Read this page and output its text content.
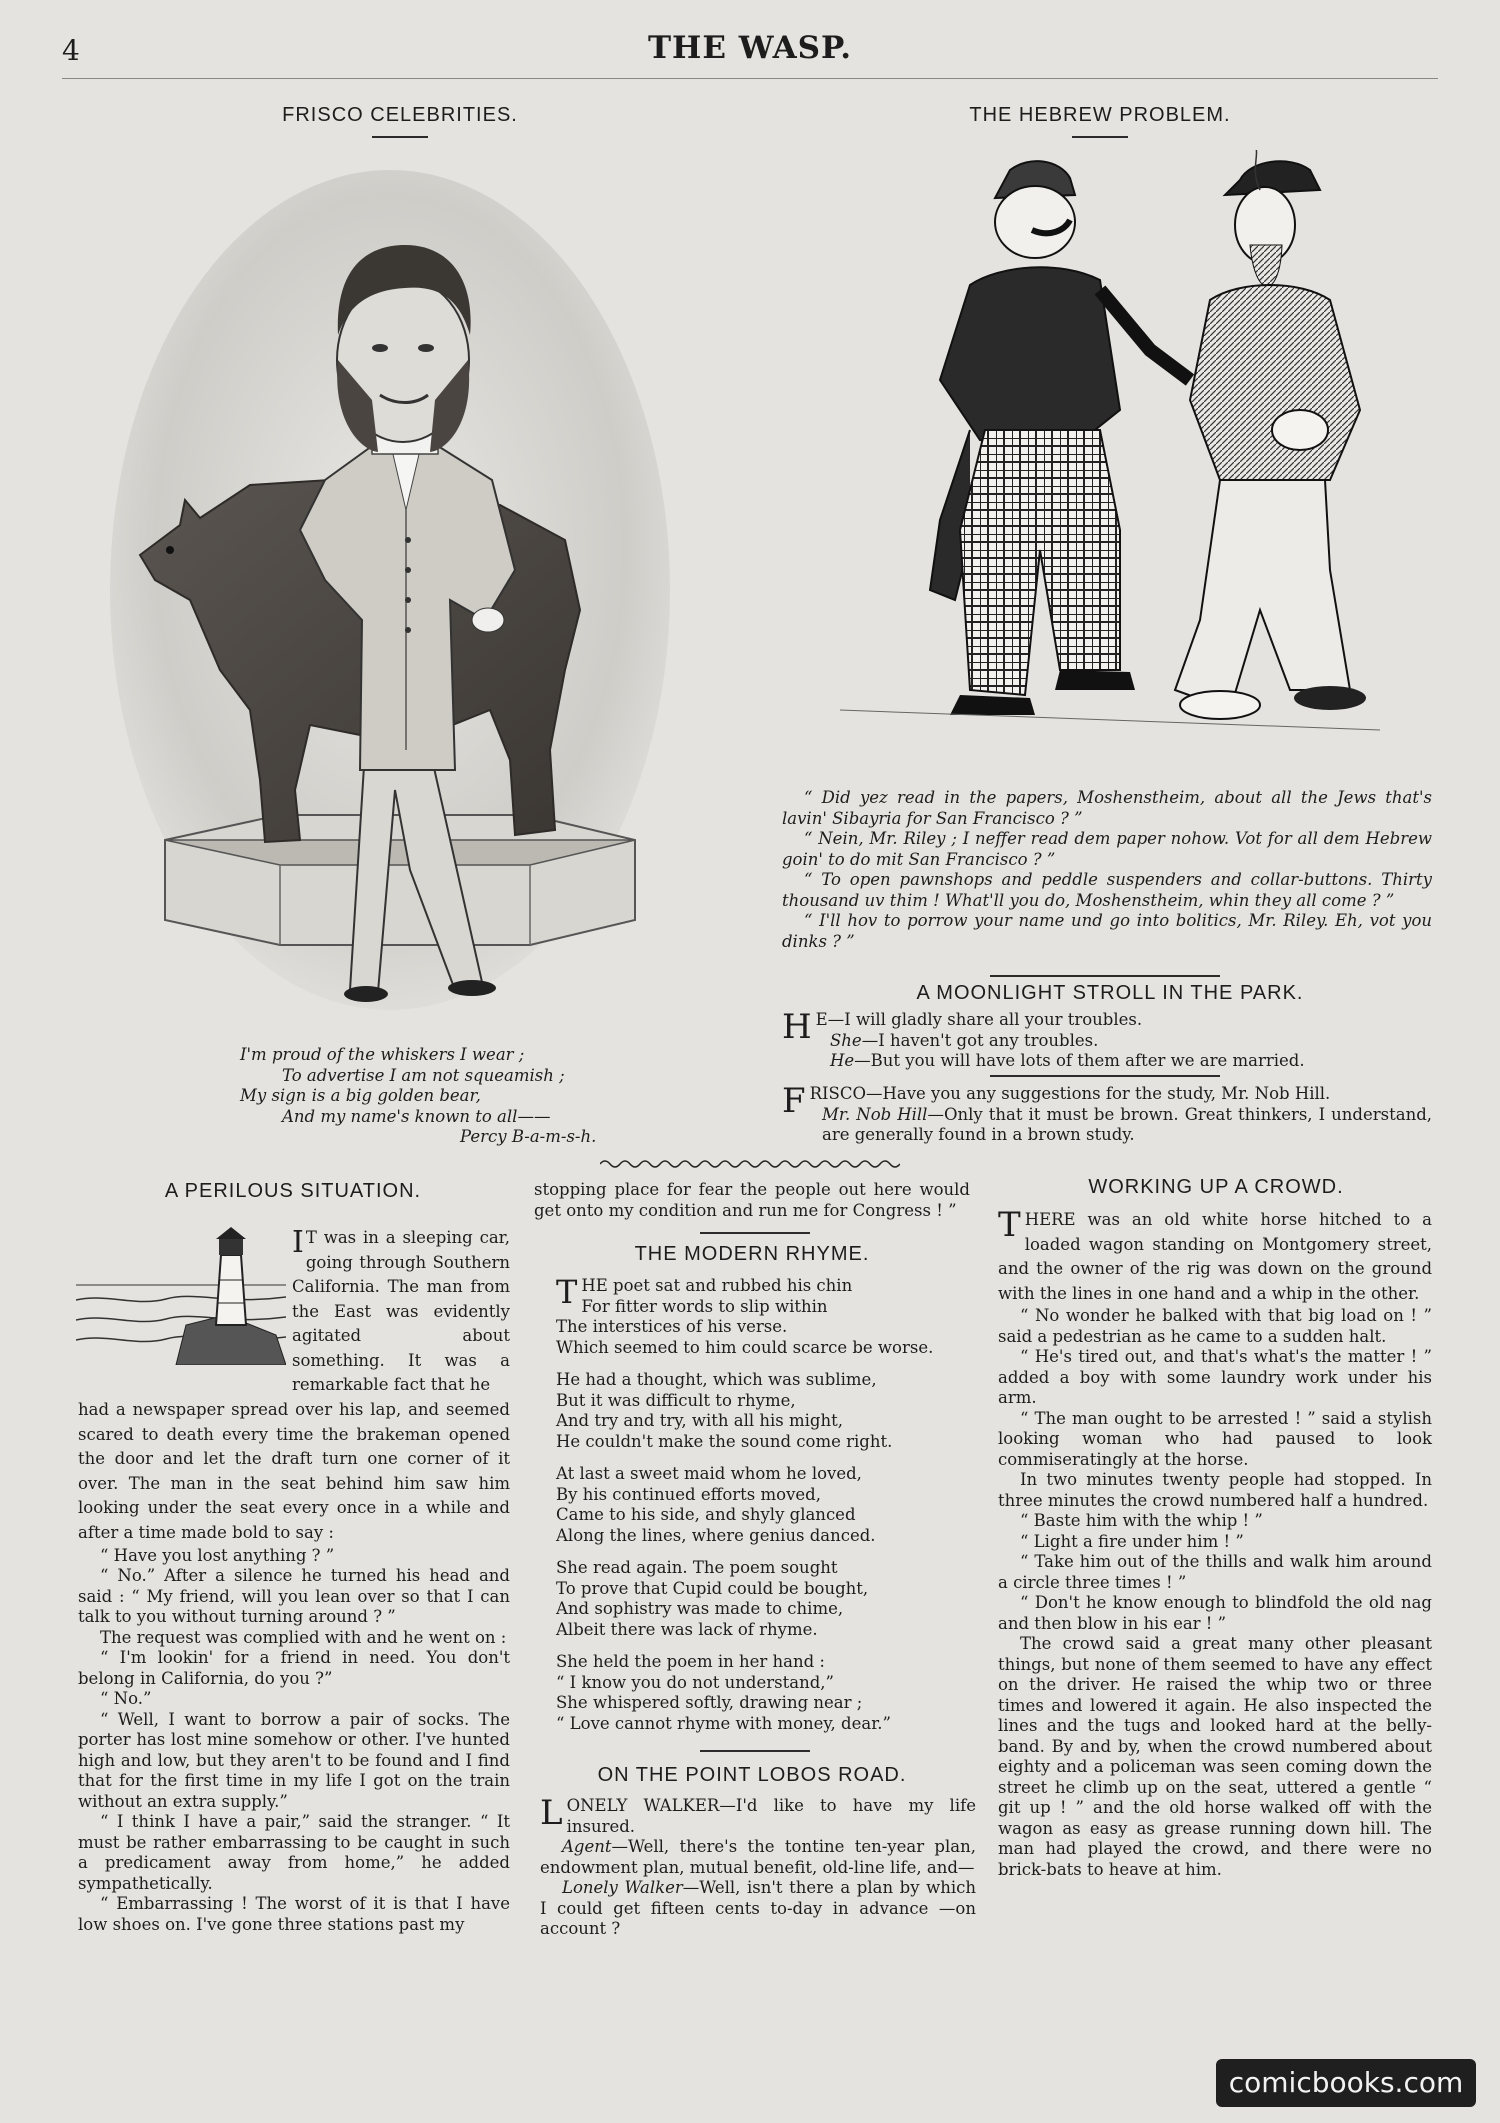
4	THE WASP.
FRISCO CELEBRITIES.
I'm proud of the whiskers I wear ;
To advertise I am not squeamish ;
My sign is a big golden bear,
And my name's known to all——
Percy B-a-m-s-h.
THE HEBREW PROBLEM.

“ Did yez read in the papers, Moshenstheim, about all the Jews that's lavin' Sibayria for San Francisco ? ”

“ Nein, Mr. Riley ; I neffer read dem paper nohow. Vot for all dem Hebrew goin' to do mit San Francisco ? ”

“ To open pawnshops and peddle suspenders and collar-buttons. Thirty thousand uv thim ! What'll you do, Moshenstheim, whin they all come ? ”

“ I'll hov to porrow your name und go into bolitics, Mr. Riley. Eh, vot you dinks ? ”

A MOONLIGHT STROLL IN THE PARK.

H E—I will gladly share all your troubles.

She—I haven't got any troubles.

He—But you will have lots of them after we are married.

FRISCO—Have you any suggestions for the study, Mr. Nob Hill.

Mr. Nob Hill—Only that it must be brown. Great thinkers, I understand, are generally found in a brown study.

A PERILOUS SITUATION.
I T was in a sleeping car, going through Southern California. The man from the East was evidently agitated about something. It was a remarkable fact that he

had a newspaper spread over his lap, and seemed scared to death every time the brakeman opened the door and let the draft turn one corner of it over. The man in the seat behind him saw him looking under the seat every once in a while and after a time made bold to say :

“ Have you lost anything ? ”

“ No.” After a silence he turned his head and said : “ My friend, will you lean over so that I can talk to you without turning around ? ”

The request was complied with and he went on :

“ I'm lookin' for a friend in need. You don't belong in California, do you ?”

“ No.”

“ Well, I want to borrow a pair of socks. The porter has lost mine somehow or other. I've hunted high and low, but they aren't to be found and I find that for the first time in my life I got on the train without an extra supply.”

“ I think I have a pair,” said the stranger. “ It must be rather embarrassing to be caught in such a predicament away from home,” he added sympathetically.

“ Embarrassing ! The worst of it is that I have low shoes on. I've gone three stations past my

stopping place for fear the people out here would get onto my condition and run me for Congress ! ”
THE MODERN RHYME.
THE poet sat and rubbed his chin
For fitter words to slip within
The interstices of his verse.
Which seemed to him could scarce be worse.
He had a thought, which was sublime,
But it was difficult to rhyme,
And try and try, with all his might,
He couldn't make the sound come right.
At last a sweet maid whom he loved,
By his continued efforts moved,
Came to his side, and shyly glanced
Along the lines, where genius danced.
She read again. The poem sought
To prove that Cupid could be bought,
And sophistry was made to chime,
Albeit there was lack of rhyme.
She held the poem in her hand :
“ I know you do not understand,”
She whispered softly, drawing near ;
“ Love cannot rhyme with money, dear.”
ON THE POINT LOBOS ROAD.

LONELY WALKER—I'd like to have my life insured.

Agent—Well, there's the tontine ten-year plan, endowment plan, mutual benefit, old-line life, and—

Lonely Walker—Well, isn't there a plan by which I could get fifteen cents to-day in advance —on account ?

WORKING UP A CROWD.

THERE was an old white horse hitched to a loaded wagon standing on Montgomery street, and the owner of the rig was down on the ground with the lines in one hand and a whip in the other.

“ No wonder he balked with that big load on ! ” said a pedestrian as he came to a sudden halt.

“ He's tired out, and that's what's the matter ! ” added a boy with some laundry work under his arm.

“ The man ought to be arrested ! ” said a stylish looking woman who had paused to look commiseratingly at the horse.

In two minutes twenty people had stopped. In three minutes the crowd numbered half a hundred.

“ Baste him with the whip ! ”

“ Light a fire under him ! ”

“ Take him out of the thills and walk him around a circle three times ! ”

“ Don't he know enough to blindfold the old nag and then blow in his ear ! ”

The crowd said a great many other pleasant things, but none of them seemed to have any effect on the driver. He raised the whip two or three times and lowered it again. He also inspected the lines and the tugs and looked hard at the belly-band. By and by, when the crowd numbered about eighty and a policeman was seen coming down the street he climb up on the seat, uttered a gentle “ git up ! ” and the old horse walked off with the wagon as easy as grease running down hill. The man had played the crowd, and there were no brick-bats to heave at him.

comicbooks.com
